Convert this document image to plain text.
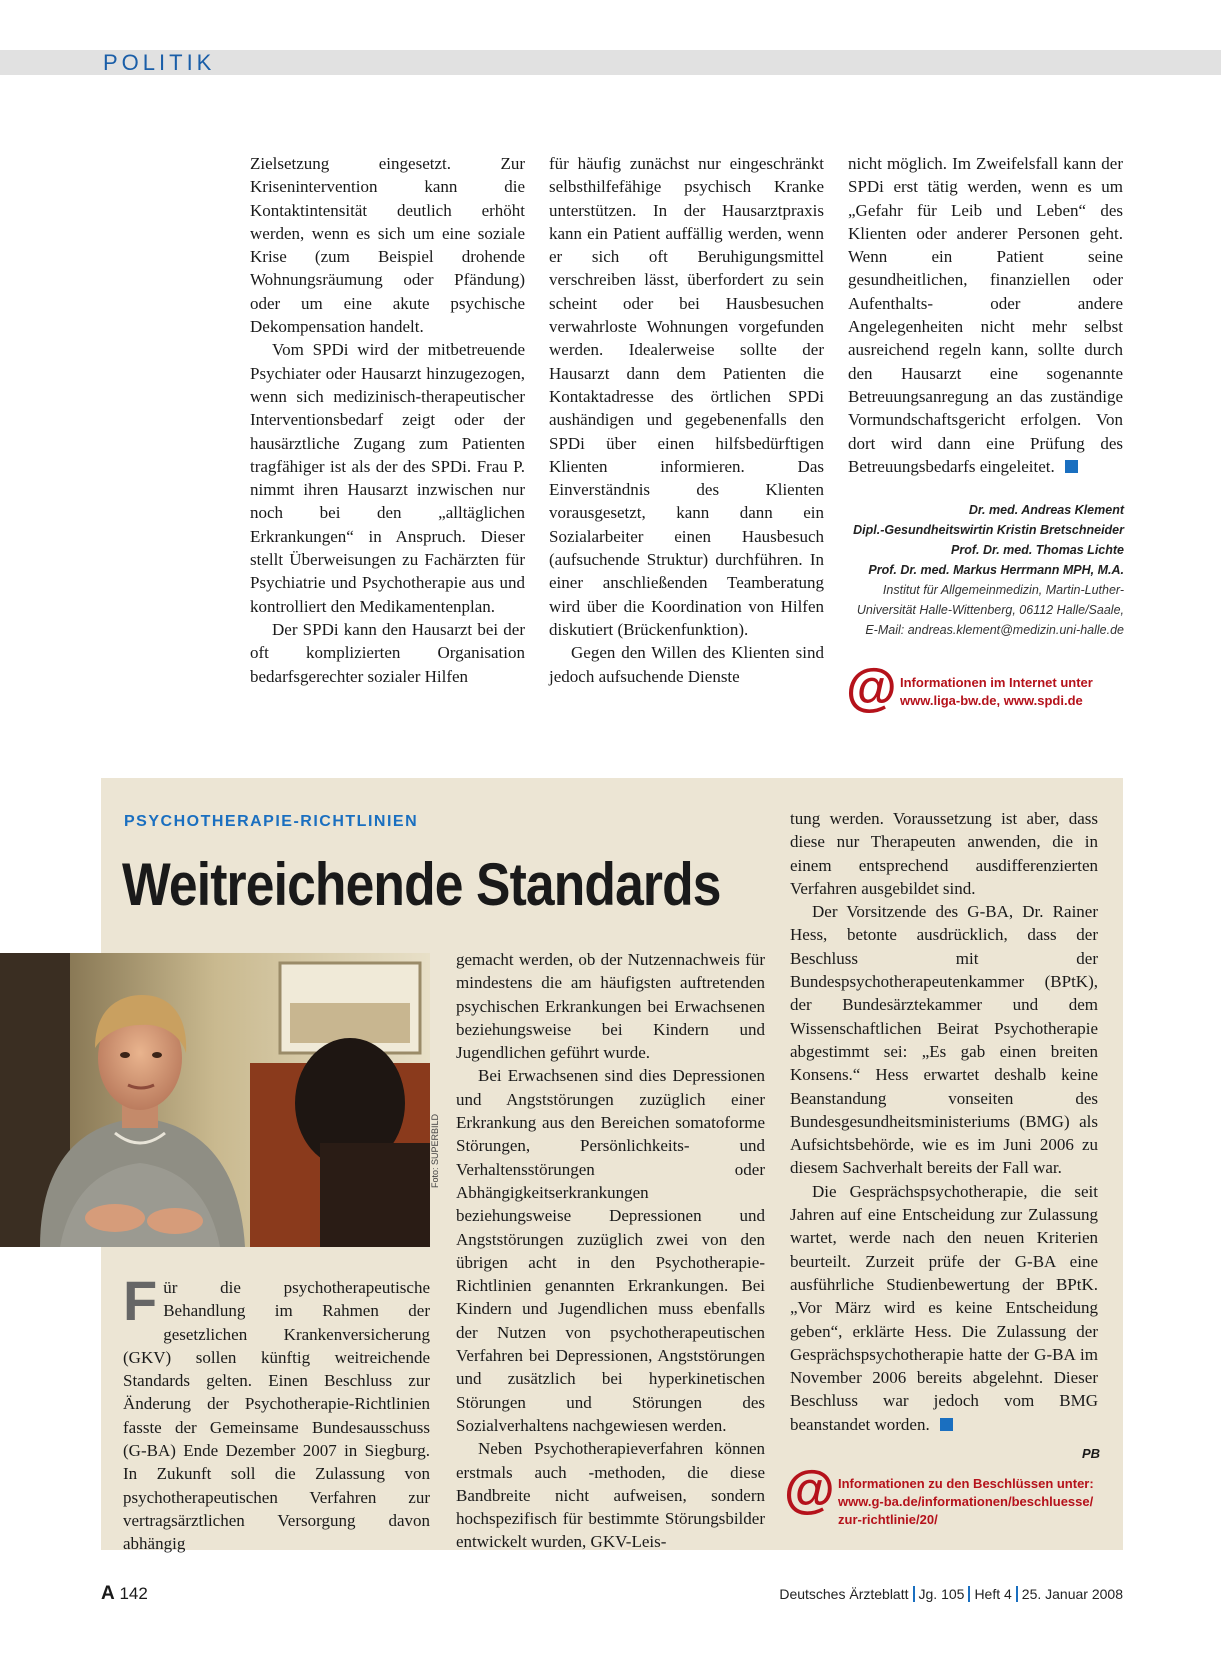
POLITIK

Zielsetzung eingesetzt. Zur Krisenintervention kann die Kontaktintensität deutlich erhöht werden, wenn es sich um eine soziale Krise (zum Beispiel drohende Wohnungsräumung oder Pfändung) oder um eine akute psychische Dekompensation handelt.

Vom SPDi wird der mitbetreuende Psychiater oder Hausarzt hinzugezogen, wenn sich medizinisch-therapeutischer Interventionsbedarf zeigt oder der hausärztliche Zugang zum Patienten tragfähiger ist als der des SPDi. Frau P. nimmt ihren Hausarzt inzwischen nur noch bei den „alltäglichen Erkrankungen“ in Anspruch. Dieser stellt Überweisungen zu Fachärzten für Psychiatrie und Psychotherapie aus und kontrolliert den Medikamentenplan.

Der SPDi kann den Hausarzt bei der oft komplizierten Organisation bedarfsgerechter sozialer Hilfen

für häufig zunächst nur eingeschränkt selbsthilfefähige psychisch Kranke unterstützen. In der Hausarztpraxis kann ein Patient auffällig werden, wenn er sich oft Beruhigungsmittel verschreiben lässt, überfordert zu sein scheint oder bei Hausbesuchen verwahrloste Wohnungen vorgefunden werden. Idealerweise sollte der Hausarzt dann dem Patienten die Kontaktadresse des örtlichen SPDi aushändigen und gegebenenfalls den SPDi über einen hilfsbedürftigen Klienten informieren. Das Einverständnis des Klienten vorausgesetzt, kann dann ein Sozialarbeiter einen Hausbesuch (aufsuchende Struktur) durchführen. In einer anschließenden Teamberatung wird über die Koordination von Hilfen diskutiert (Brückenfunktion).

Gegen den Willen des Klienten sind jedoch aufsuchende Dienste

nicht möglich. Im Zweifelsfall kann der SPDi erst tätig werden, wenn es um „Gefahr für Leib und Leben“ des Klienten oder anderer Personen geht. Wenn ein Patient seine gesundheitlichen, finanziellen oder Aufenthalts- oder andere Angelegenheiten nicht mehr selbst ausreichend regeln kann, sollte durch den Hausarzt eine sogenannte Betreuungsanregung an das zuständige Vormundschaftsgericht erfolgen. Von dort wird dann eine Prüfung des Betreuungsbedarfs eingeleitet.

Dr. med. Andreas Klement
Dipl.-Gesundheitswirtin Kristin Bretschneider
Prof. Dr. med. Thomas Lichte
Prof. Dr. med. Markus Herrmann MPH, M.A.
Institut für Allgemeinmedizin, Martin-Luther-
Universität Halle-Wittenberg, 06112 Halle/Saale,
E-Mail: andreas.klement@medizin.uni-halle.de
@ Informationen im Internet unter
www.liga-bw.de, www.spdi.de
PSYCHOTHERAPIE-RICHTLINIEN
Weitreichende Standards
Foto: SUPERBILD

Für die psychotherapeutische Behandlung im Rahmen der gesetzlichen Krankenversicherung (GKV) sollen künftig weitreichende Standards gelten. Einen Beschluss zur Änderung der Psychotherapie-Richtlinien fasste der Gemeinsame Bundesausschuss (G-BA) Ende Dezember 2007 in Siegburg. In Zukunft soll die Zulassung von psychotherapeutischen Verfahren zur vertragsärztlichen Versorgung davon abhängig

gemacht werden, ob der Nutzennachweis für mindestens die am häufigsten auftretenden psychischen Erkrankungen bei Erwachsenen beziehungsweise bei Kindern und Jugendlichen geführt wurde.

Bei Erwachsenen sind dies Depressionen und Angststörungen zuzüglich einer Erkrankung aus den Bereichen somatoforme Störungen, Persönlichkeits- und Verhaltensstörungen oder Abhängigkeitserkrankungen beziehungsweise Depressionen und Angststörungen zuzüglich zwei von den übrigen acht in den Psychotherapie-Richtlinien genannten Erkrankungen. Bei Kindern und Jugendlichen muss ebenfalls der Nutzen von psychotherapeutischen Verfahren bei Depressionen, Angststörungen und zusätzlich bei hyperkinetischen Störungen und Störungen des Sozialverhaltens nachgewiesen werden.

Neben Psychotherapieverfahren können erstmals auch -methoden, die diese Bandbreite nicht aufweisen, sondern hochspezifisch für bestimmte Störungsbilder entwickelt wurden, GKV-Leis-

tung werden. Voraussetzung ist aber, dass diese nur Therapeuten anwenden, die in einem entsprechend ausdifferenzierten Verfahren ausgebildet sind.

Der Vorsitzende des G-BA, Dr. Rainer Hess, betonte ausdrücklich, dass der Beschluss mit der Bundespsychotherapeutenkammer (BPtK), der Bundesärztekammer und dem Wissenschaftlichen Beirat Psychotherapie abgestimmt sei: „Es gab einen breiten Konsens.“ Hess erwartet deshalb keine Beanstandung vonseiten des Bundesgesundheitsministeriums (BMG) als Aufsichtsbehörde, wie es im Juni 2006 zu diesem Sachverhalt bereits der Fall war.

Die Gesprächspsychotherapie, die seit Jahren auf eine Entscheidung zur Zulassung wartet, werde nach den neuen Kriterien beurteilt. Zurzeit prüfe der G-BA eine ausführliche Studienbewertung der BPtK. „Vor März wird es keine Entscheidung geben“, erklärte Hess. Die Zulassung der Gesprächspsychotherapie hatte der G-BA im November 2006 bereits abgelehnt. Dieser Beschluss war jedoch vom BMG beanstandet worden.

PB
@ Informationen zu den Beschlüssen unter:
www.g-ba.de/informationen/beschluesse/
zur-richtlinie/20/
A 142	Deutsches Ärzteblatt Jg. 105 Heft 4 25. Januar 2008
